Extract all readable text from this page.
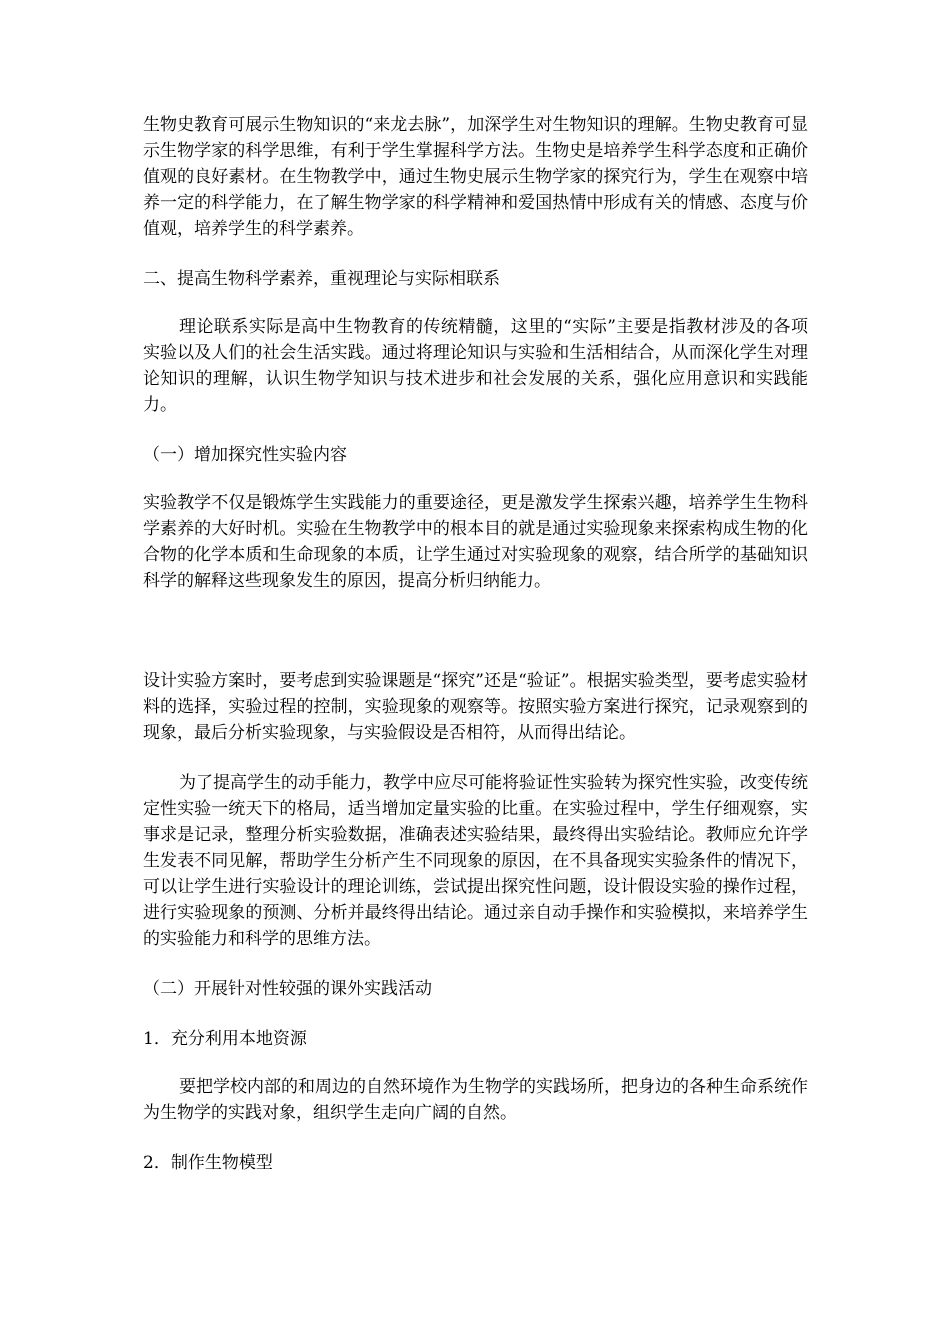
生物史教育可展示生物知识的“来龙去脉”，加深学生对生物知识的理解。生物史教育可显示生物学家的科学思维，有利于学生掌握科学方法。生物史是培养学生科学态度和正确价值观的良好素材。在生物教学中，通过生物史展示生物学家的探究行为，学生在观察中培养一定的科学能力，在了解生物学家的科学精神和爱国热情中形成有关的情感、态度与价值观，培养学生的科学素养。

二、提高生物科学素养，重视理论与实际相联系

理论联系实际是高中生物教育的传统精髓，这里的“实际”主要是指教材涉及的各项实验以及人们的社会生活实践。通过将理论知识与实验和生活相结合，从而深化学生对理论知识的理解，认识生物学知识与技术进步和社会发展的关系，强化应用意识和实践能力。

（一）增加探究性实验内容

实验教学不仅是锻炼学生实践能力的重要途径，更是激发学生探索兴趣，培养学生生物科学素养的大好时机。实验在生物教学中的根本目的就是通过实验现象来探索构成生物的化合物的化学本质和生命现象的本质，让学生通过对实验现象的观察，结合所学的基础知识科学的解释这些现象发生的原因，提高分析归纳能力。

设计实验方案时，要考虑到实验课题是“探究”还是“验证”。根据实验类型，要考虑实验材料的选择，实验过程的控制，实验现象的观察等。按照实验方案进行探究，记录观察到的现象，最后分析实验现象，与实验假设是否相符，从而得出结论。

为了提高学生的动手能力，教学中应尽可能将验证性实验转为探究性实验，改变传统定性实验一统天下的格局，适当增加定量实验的比重。在实验过程中，学生仔细观察，实事求是记录，整理分析实验数据，准确表述实验结果，最终得出实验结论。教师应允许学生发表不同见解，帮助学生分析产生不同现象的原因，在不具备现实实验条件的情况下，可以让学生进行实验设计的理论训练，尝试提出探究性问题，设计假设实验的操作过程，进行实验现象的预测、分析并最终得出结论。通过亲自动手操作和实验模拟，来培养学生的实验能力和科学的思维方法。

（二）开展针对性较强的课外实践活动

1．充分利用本地资源

要把学校内部的和周边的自然环境作为生物学的实践场所，把身边的各种生命系统作为生物学的实践对象，组织学生走向广阔的自然。

2．制作生物模型
